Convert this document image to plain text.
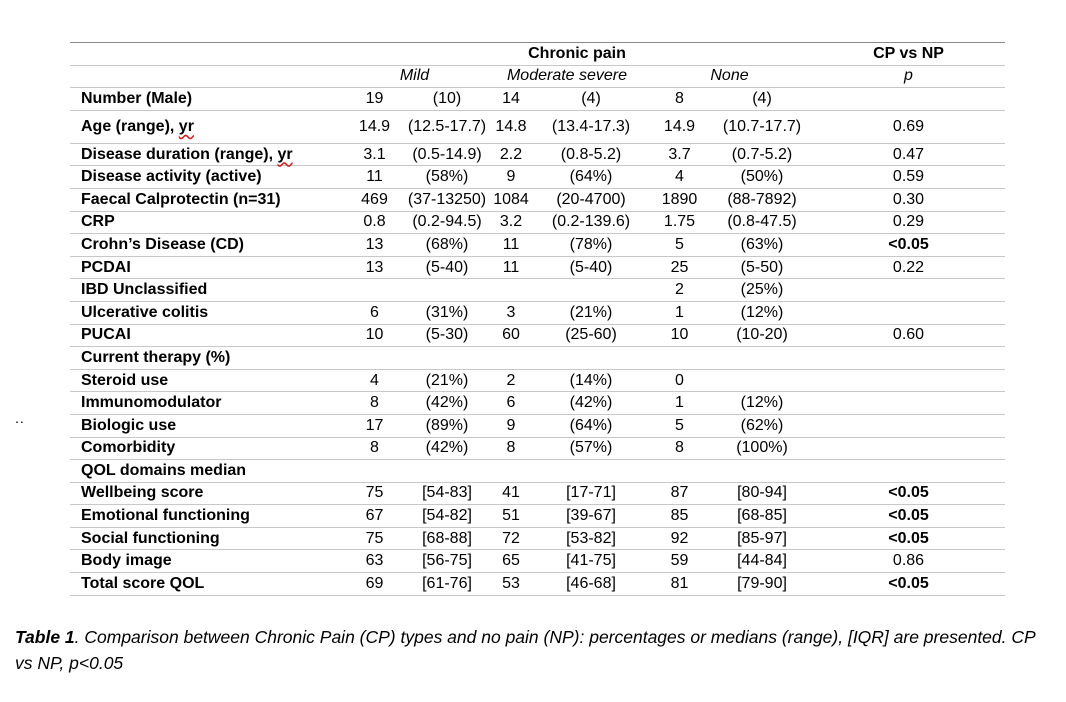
..
	Chronic pain						CP vs NP
	Mild		Moderate severe		None		p
Number (Male)	19	(10)	14	(4)	8	(4)	
Age (range), yr	14.9	(12.5-17.7)	14.8	(13.4-17.3)	14.9	(10.7-17.7)	0.69
Disease duration (range), yr	3.1	(0.5-14.9)	2.2	(0.8-5.2)	3.7	(0.7-5.2)	0.47
Disease activity (active)	11	(58%)	9	(64%)	4	(50%)	0.59
Faecal Calprotectin (n=31)	469	(37-13250)	1084	(20-4700)	1890	(88-7892)	0.30
CRP	0.8	(0.2-94.5)	3.2	(0.2-139.6)	1.75	(0.8-47.5)	0.29
Crohn’s Disease (CD)	13	(68%)	11	(78%)	5	(63%)	<0.05
PCDAI	13	(5-40)	11	(5-40)	25	(5-50)	0.22
IBD Unclassified					2	(25%)	
Ulcerative colitis	6	(31%)	3	(21%)	1	(12%)	
PUCAI	10	(5-30)	60	(25-60)	10	(10-20)	0.60
Current therapy (%)							
Steroid use	4	(21%)	2	(14%)	0		
Immunomodulator	8	(42%)	6	(42%)	1	(12%)	
Biologic use	17	(89%)	9	(64%)	5	(62%)	
Comorbidity	8	(42%)	8	(57%)	8	(100%)	
QOL domains median							
Wellbeing score	75	[54-83]	41	[17-71]	87	[80-94]	<0.05
Emotional functioning	67	[54-82]	51	[39-67]	85	[68-85]	<0.05
Social functioning	75	[68-88]	72	[53-82]	92	[85-97]	<0.05
Body image	63	[56-75]	65	[41-75]	59	[44-84]	0.86
Total score QOL	69	[61-76]	53	[46-68]	81	[79-90]	<0.05
Table 1. Comparison between Chronic Pain (CP) types and no pain (NP): percentages or medians (range), [IQR] are presented. CP vs NP, p<0.05
